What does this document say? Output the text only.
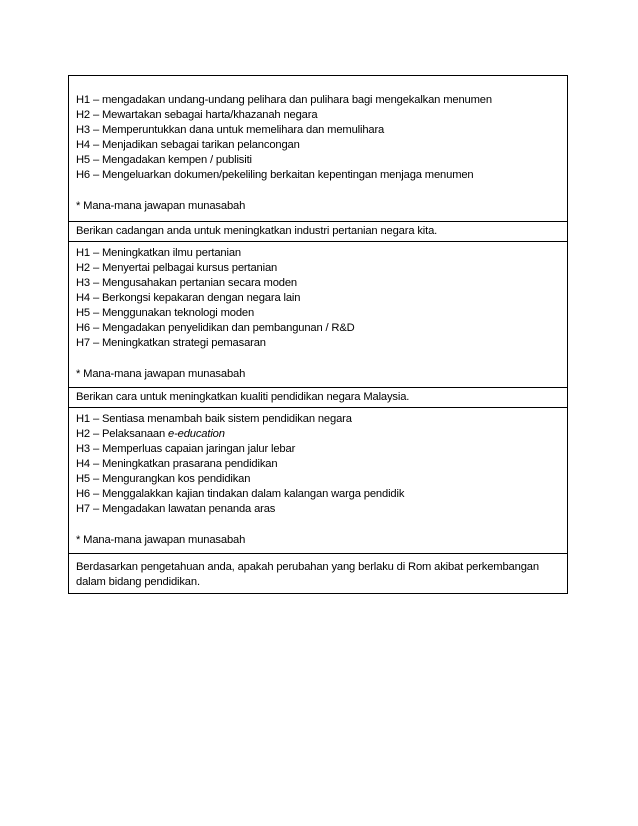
H1 – mengadakan undang-undang pelihara dan pulihara bagi mengekalkan menumen
H2 – Mewartakan sebagai harta/khazanah negara
H3 – Memperuntukkan dana untuk memelihara dan memulihara
H4 – Menjadikan sebagai tarikan pelancongan
H5 – Mengadakan kempen / publisiti
H6 – Mengeluarkan dokumen/pekeliling berkaitan kepentingan menjaga menumen
* Mana-mana jawapan munasabah
Berikan cadangan anda untuk meningkatkan industri pertanian negara kita.
H1 – Meningkatkan ilmu pertanian
H2 – Menyertai pelbagai kursus pertanian
H3 – Mengusahakan pertanian secara moden
H4 – Berkongsi kepakaran dengan negara lain
H5 – Menggunakan teknologi moden
H6 – Mengadakan penyelidikan dan pembangunan / R&D
H7 – Meningkatkan strategi pemasaran
* Mana-mana jawapan munasabah
Berikan cara untuk meningkatkan kualiti pendidikan negara Malaysia.
H1 – Sentiasa menambah baik sistem pendidikan negara
H2 – Pelaksanaan e-education
H3 – Memperluas capaian jaringan jalur lebar
H4 – Meningkatkan prasarana pendidikan
H5 – Mengurangkan kos pendidikan
H6 – Menggalakkan kajian tindakan dalam kalangan warga pendidik
H7 – Mengadakan lawatan penanda aras
* Mana-mana jawapan munasabah
Berdasarkan pengetahuan anda, apakah perubahan yang berlaku di Rom akibat perkembangan
dalam bidang pendidikan.
